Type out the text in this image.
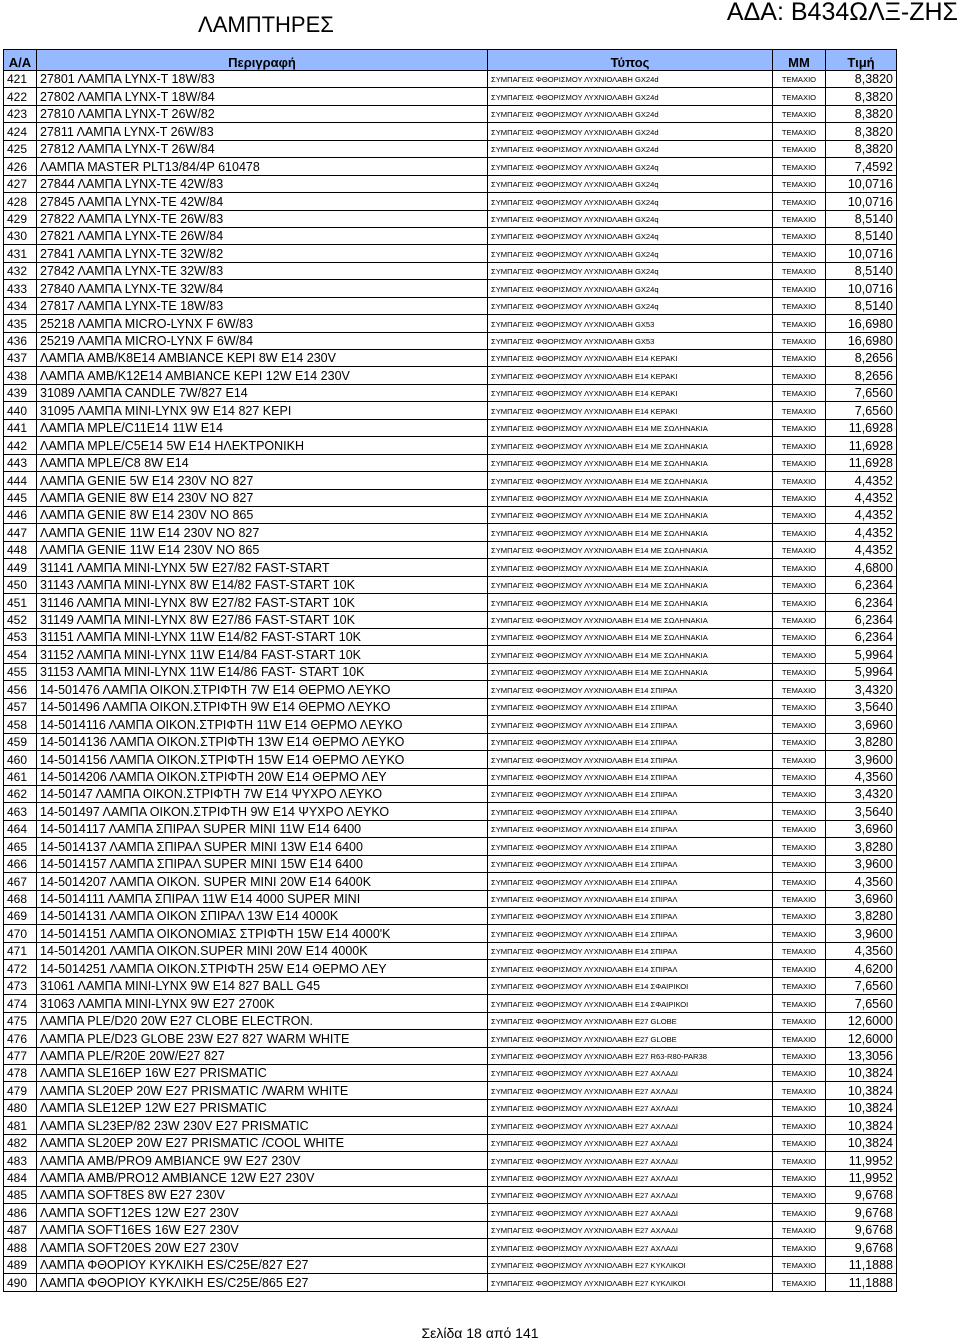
ΛΑΜΠΤΗΡΕΣ	ΑΔΑ: Β434ΩΛΞ-ΖΗΣ
Α/Α	Περιγραφή	Τύπος	ΜΜ	Τιμή
421	27801 ΛΑΜΠΑ LYNX-T 18W/83	ΣΥΜΠΑΓΕΙΣ ΦΘΟΡΙΣΜΟΥ ΛΥΧΝΙΟΛΑΒΗ GX24d	ΤΕΜΑΧΙΟ	8,3820
422	27802 ΛΑΜΠΑ LYNX-T 18W/84	ΣΥΜΠΑΓΕΙΣ ΦΘΟΡΙΣΜΟΥ ΛΥΧΝΙΟΛΑΒΗ GX24d	ΤΕΜΑΧΙΟ	8,3820
423	27810 ΛΑΜΠΑ LYNX-T 26W/82	ΣΥΜΠΑΓΕΙΣ ΦΘΟΡΙΣΜΟΥ ΛΥΧΝΙΟΛΑΒΗ GX24d	ΤΕΜΑΧΙΟ	8,3820
424	27811 ΛΑΜΠΑ LYNX-T 26W/83	ΣΥΜΠΑΓΕΙΣ ΦΘΟΡΙΣΜΟΥ ΛΥΧΝΙΟΛΑΒΗ GX24d	ΤΕΜΑΧΙΟ	8,3820
425	27812 ΛΑΜΠΑ LYNX-T 26W/84	ΣΥΜΠΑΓΕΙΣ ΦΘΟΡΙΣΜΟΥ ΛΥΧΝΙΟΛΑΒΗ GX24d	ΤΕΜΑΧΙΟ	8,3820
426	ΛΑΜΠΑ MASTER PLT13/84/4P 610478	ΣΥΜΠΑΓΕΙΣ ΦΘΟΡΙΣΜΟΥ ΛΥΧΝΙΟΛΑΒΗ GX24q	ΤΕΜΑΧΙΟ	7,4592
427	27844 ΛΑΜΠΑ LYNX-TE 42W/83	ΣΥΜΠΑΓΕΙΣ ΦΘΟΡΙΣΜΟΥ ΛΥΧΝΙΟΛΑΒΗ GX24q	ΤΕΜΑΧΙΟ	10,0716
428	27845 ΛΑΜΠΑ LYNX-TE 42W/84	ΣΥΜΠΑΓΕΙΣ ΦΘΟΡΙΣΜΟΥ ΛΥΧΝΙΟΛΑΒΗ GX24q	ΤΕΜΑΧΙΟ	10,0716
429	27822 ΛΑΜΠΑ LYNX-TE 26W/83	ΣΥΜΠΑΓΕΙΣ ΦΘΟΡΙΣΜΟΥ ΛΥΧΝΙΟΛΑΒΗ GX24q	ΤΕΜΑΧΙΟ	8,5140
430	27821 ΛΑΜΠΑ LYNX-TE 26W/84	ΣΥΜΠΑΓΕΙΣ ΦΘΟΡΙΣΜΟΥ ΛΥΧΝΙΟΛΑΒΗ GX24q	ΤΕΜΑΧΙΟ	8,5140
431	27841 ΛΑΜΠΑ LYNX-TE 32W/82	ΣΥΜΠΑΓΕΙΣ ΦΘΟΡΙΣΜΟΥ ΛΥΧΝΙΟΛΑΒΗ GX24q	ΤΕΜΑΧΙΟ	10,0716
432	27842 ΛΑΜΠΑ LYNX-TE 32W/83	ΣΥΜΠΑΓΕΙΣ ΦΘΟΡΙΣΜΟΥ ΛΥΧΝΙΟΛΑΒΗ GX24q	ΤΕΜΑΧΙΟ	8,5140
433	27840 ΛΑΜΠΑ LYNX-TE 32W/84	ΣΥΜΠΑΓΕΙΣ ΦΘΟΡΙΣΜΟΥ ΛΥΧΝΙΟΛΑΒΗ GX24q	ΤΕΜΑΧΙΟ	10,0716
434	27817 ΛΑΜΠΑ LYNX-TE 18W/83	ΣΥΜΠΑΓΕΙΣ ΦΘΟΡΙΣΜΟΥ ΛΥΧΝΙΟΛΑΒΗ GX24q	ΤΕΜΑΧΙΟ	8,5140
435	25218 ΛΑΜΠΑ MICRO-LYNX F 6W/83	ΣΥΜΠΑΓΕΙΣ ΦΘΟΡΙΣΜΟΥ ΛΥΧΝΙΟΛΑΒΗ GX53	ΤΕΜΑΧΙΟ	16,6980
436	25219 ΛΑΜΠΑ MICRO-LYNX F 6W/84	ΣΥΜΠΑΓΕΙΣ ΦΘΟΡΙΣΜΟΥ ΛΥΧΝΙΟΛΑΒΗ GX53	ΤΕΜΑΧΙΟ	16,6980
437	ΛΑΜΠΑ AMB/K8E14 AMBIANCE ΚΕΡΙ 8W E14 230V	ΣΥΜΠΑΓΕΙΣ ΦΘΟΡΙΣΜΟΥ ΛΥΧΝΙΟΛΑΒΗ E14 ΚΕΡΑΚΙ	ΤΕΜΑΧΙΟ	8,2656
438	ΛΑΜΠΑ AMB/K12E14 AMBIANCE ΚΕΡΙ 12W E14 230V	ΣΥΜΠΑΓΕΙΣ ΦΘΟΡΙΣΜΟΥ ΛΥΧΝΙΟΛΑΒΗ E14 ΚΕΡΑΚΙ	ΤΕΜΑΧΙΟ	8,2656
439	31089 ΛΑΜΠΑ CANDLE 7W/827 E14	ΣΥΜΠΑΓΕΙΣ ΦΘΟΡΙΣΜΟΥ ΛΥΧΝΙΟΛΑΒΗ E14 ΚΕΡΑΚΙ	ΤΕΜΑΧΙΟ	7,6560
440	31095 ΛΑΜΠΑ MINI-LYNX 9W E14 827 ΚΕΡΙ	ΣΥΜΠΑΓΕΙΣ ΦΘΟΡΙΣΜΟΥ ΛΥΧΝΙΟΛΑΒΗ E14 ΚΕΡΑΚΙ	ΤΕΜΑΧΙΟ	7,6560
441	ΛΑΜΠΑ MPLE/C11E14 11W E14	ΣΥΜΠΑΓΕΙΣ ΦΘΟΡΙΣΜΟΥ ΛΥΧΝΙΟΛΑΒΗ E14 ΜΕ ΣΩΛΗΝΑΚΙΑ	ΤΕΜΑΧΙΟ	11,6928
442	ΛΑΜΠΑ MPLE/C5E14 5W E14 ΗΛΕΚΤΡΟΝΙΚΗ	ΣΥΜΠΑΓΕΙΣ ΦΘΟΡΙΣΜΟΥ ΛΥΧΝΙΟΛΑΒΗ E14 ΜΕ ΣΩΛΗΝΑΚΙΑ	ΤΕΜΑΧΙΟ	11,6928
443	ΛΑΜΠΑ MPLE/C8 8W E14	ΣΥΜΠΑΓΕΙΣ ΦΘΟΡΙΣΜΟΥ ΛΥΧΝΙΟΛΑΒΗ E14 ΜΕ ΣΩΛΗΝΑΚΙΑ	ΤΕΜΑΧΙΟ	11,6928
444	ΛΑΜΠΑ GENIE 5W E14 230V NO 827	ΣΥΜΠΑΓΕΙΣ ΦΘΟΡΙΣΜΟΥ ΛΥΧΝΙΟΛΑΒΗ E14 ΜΕ ΣΩΛΗΝΑΚΙΑ	ΤΕΜΑΧΙΟ	4,4352
445	ΛΑΜΠΑ GENIE 8W E14 230V NO 827	ΣΥΜΠΑΓΕΙΣ ΦΘΟΡΙΣΜΟΥ ΛΥΧΝΙΟΛΑΒΗ E14 ΜΕ ΣΩΛΗΝΑΚΙΑ	ΤΕΜΑΧΙΟ	4,4352
446	ΛΑΜΠΑ GENIE 8W E14 230V NO 865	ΣΥΜΠΑΓΕΙΣ ΦΘΟΡΙΣΜΟΥ ΛΥΧΝΙΟΛΑΒΗ E14 ΜΕ ΣΩΛΗΝΑΚΙΑ	ΤΕΜΑΧΙΟ	4,4352
447	ΛΑΜΠΑ GENIE 11W E14 230V NO 827	ΣΥΜΠΑΓΕΙΣ ΦΘΟΡΙΣΜΟΥ ΛΥΧΝΙΟΛΑΒΗ E14 ΜΕ ΣΩΛΗΝΑΚΙΑ	ΤΕΜΑΧΙΟ	4,4352
448	ΛΑΜΠΑ GENIE 11W E14 230V NO 865	ΣΥΜΠΑΓΕΙΣ ΦΘΟΡΙΣΜΟΥ ΛΥΧΝΙΟΛΑΒΗ E14 ΜΕ ΣΩΛΗΝΑΚΙΑ	ΤΕΜΑΧΙΟ	4,4352
449	31141 ΛΑΜΠΑ MINI-LYNX 5W E27/82 FAST-START	ΣΥΜΠΑΓΕΙΣ ΦΘΟΡΙΣΜΟΥ ΛΥΧΝΙΟΛΑΒΗ E14 ΜΕ ΣΩΛΗΝΑΚΙΑ	ΤΕΜΑΧΙΟ	4,6800
450	31143 ΛΑΜΠΑ MINI-LYNX 8W E14/82 FAST-START 10K	ΣΥΜΠΑΓΕΙΣ ΦΘΟΡΙΣΜΟΥ ΛΥΧΝΙΟΛΑΒΗ E14 ΜΕ ΣΩΛΗΝΑΚΙΑ	ΤΕΜΑΧΙΟ	6,2364
451	31146 ΛΑΜΠΑ MINI-LYNX 8W E27/82 FAST-START 10K	ΣΥΜΠΑΓΕΙΣ ΦΘΟΡΙΣΜΟΥ ΛΥΧΝΙΟΛΑΒΗ E14 ΜΕ ΣΩΛΗΝΑΚΙΑ	ΤΕΜΑΧΙΟ	6,2364
452	31149 ΛΑΜΠΑ MINI-LYNX 8W E27/86 FAST-START 10K	ΣΥΜΠΑΓΕΙΣ ΦΘΟΡΙΣΜΟΥ ΛΥΧΝΙΟΛΑΒΗ E14 ΜΕ ΣΩΛΗΝΑΚΙΑ	ΤΕΜΑΧΙΟ	6,2364
453	31151 ΛΑΜΠΑ MINI-LYNX 11W E14/82 FAST-START 10K	ΣΥΜΠΑΓΕΙΣ ΦΘΟΡΙΣΜΟΥ ΛΥΧΝΙΟΛΑΒΗ E14 ΜΕ ΣΩΛΗΝΑΚΙΑ	ΤΕΜΑΧΙΟ	6,2364
454	31152 ΛΑΜΠΑ MINI-LYNX 11W E14/84 FAST-START 10K	ΣΥΜΠΑΓΕΙΣ ΦΘΟΡΙΣΜΟΥ ΛΥΧΝΙΟΛΑΒΗ E14 ΜΕ ΣΩΛΗΝΑΚΙΑ	ΤΕΜΑΧΙΟ	5,9964
455	31153 ΛΑΜΠΑ MINI-LYNX 11W E14/86 FAST- START 10K	ΣΥΜΠΑΓΕΙΣ ΦΘΟΡΙΣΜΟΥ ΛΥΧΝΙΟΛΑΒΗ E14 ΜΕ ΣΩΛΗΝΑΚΙΑ	ΤΕΜΑΧΙΟ	5,9964
456	14-501476 ΛΑΜΠΑ ΟΙΚΟΝ.ΣΤΡΙΦΤΗ 7W E14 ΘΕΡΜΟ ΛΕΥΚΟ	ΣΥΜΠΑΓΕΙΣ ΦΘΟΡΙΣΜΟΥ ΛΥΧΝΙΟΛΑΒΗ E14 ΣΠΙΡΑΛ	ΤΕΜΑΧΙΟ	3,4320
457	14-501496 ΛΑΜΠΑ ΟΙΚΟΝ.ΣΤΡΙΦΤΗ 9W E14 ΘΕΡΜΟ ΛΕΥΚΟ	ΣΥΜΠΑΓΕΙΣ ΦΘΟΡΙΣΜΟΥ ΛΥΧΝΙΟΛΑΒΗ E14 ΣΠΙΡΑΛ	ΤΕΜΑΧΙΟ	3,5640
458	14-5014116 ΛΑΜΠΑ ΟΙΚΟΝ.ΣΤΡΙΦΤΗ 11W E14 ΘΕΡΜΟ ΛΕΥΚΟ	ΣΥΜΠΑΓΕΙΣ ΦΘΟΡΙΣΜΟΥ ΛΥΧΝΙΟΛΑΒΗ E14 ΣΠΙΡΑΛ	ΤΕΜΑΧΙΟ	3,6960
459	14-5014136 ΛΑΜΠΑ ΟΙΚΟΝ.ΣΤΡΙΦΤΗ 13W E14 ΘΕΡΜΟ ΛΕΥΚΟ	ΣΥΜΠΑΓΕΙΣ ΦΘΟΡΙΣΜΟΥ ΛΥΧΝΙΟΛΑΒΗ E14 ΣΠΙΡΑΛ	ΤΕΜΑΧΙΟ	3,8280
460	14-5014156 ΛΑΜΠΑ ΟΙΚΟΝ.ΣΤΡΙΦΤΗ 15W E14 ΘΕΡΜΟ ΛΕΥΚΟ	ΣΥΜΠΑΓΕΙΣ ΦΘΟΡΙΣΜΟΥ ΛΥΧΝΙΟΛΑΒΗ E14 ΣΠΙΡΑΛ	ΤΕΜΑΧΙΟ	3,9600
461	14-5014206 ΛΑΜΠΑ ΟΙΚΟΝ.ΣΤΡΙΦΤΗ 20W E14 ΘΕΡΜΟ ΛΕΥ	ΣΥΜΠΑΓΕΙΣ ΦΘΟΡΙΣΜΟΥ ΛΥΧΝΙΟΛΑΒΗ E14 ΣΠΙΡΑΛ	ΤΕΜΑΧΙΟ	4,3560
462	14-50147 ΛΑΜΠΑ ΟΙΚΟΝ.ΣΤΡΙΦΤΗ 7W E14 ΨΥΧΡΟ ΛΕΥΚΟ	ΣΥΜΠΑΓΕΙΣ ΦΘΟΡΙΣΜΟΥ ΛΥΧΝΙΟΛΑΒΗ E14 ΣΠΙΡΑΛ	ΤΕΜΑΧΙΟ	3,4320
463	14-501497 ΛΑΜΠΑ ΟΙΚΟΝ.ΣΤΡΙΦΤΗ 9W E14 ΨΥΧΡΟ ΛΕΥΚΟ	ΣΥΜΠΑΓΕΙΣ ΦΘΟΡΙΣΜΟΥ ΛΥΧΝΙΟΛΑΒΗ E14 ΣΠΙΡΑΛ	ΤΕΜΑΧΙΟ	3,5640
464	14-5014117 ΛΑΜΠΑ ΣΠΙΡΑΛ SUPER MINI 11W E14 6400	ΣΥΜΠΑΓΕΙΣ ΦΘΟΡΙΣΜΟΥ ΛΥΧΝΙΟΛΑΒΗ E14 ΣΠΙΡΑΛ	ΤΕΜΑΧΙΟ	3,6960
465	14-5014137 ΛΑΜΠΑ ΣΠΙΡΑΛ SUPER MINI 13W E14 6400	ΣΥΜΠΑΓΕΙΣ ΦΘΟΡΙΣΜΟΥ ΛΥΧΝΙΟΛΑΒΗ E14 ΣΠΙΡΑΛ	ΤΕΜΑΧΙΟ	3,8280
466	14-5014157 ΛΑΜΠΑ ΣΠΙΡΑΛ SUPER MINI 15W E14 6400	ΣΥΜΠΑΓΕΙΣ ΦΘΟΡΙΣΜΟΥ ΛΥΧΝΙΟΛΑΒΗ E14 ΣΠΙΡΑΛ	ΤΕΜΑΧΙΟ	3,9600
467	14-5014207 ΛΑΜΠΑ ΟΙΚΟΝ. SUPER MINI 20W E14 6400K	ΣΥΜΠΑΓΕΙΣ ΦΘΟΡΙΣΜΟΥ ΛΥΧΝΙΟΛΑΒΗ E14 ΣΠΙΡΑΛ	ΤΕΜΑΧΙΟ	4,3560
468	14-5014111 ΛΑΜΠΑ ΣΠΙΡΑΛ 11W E14 4000 SUPER MINI	ΣΥΜΠΑΓΕΙΣ ΦΘΟΡΙΣΜΟΥ ΛΥΧΝΙΟΛΑΒΗ E14 ΣΠΙΡΑΛ	ΤΕΜΑΧΙΟ	3,6960
469	14-5014131 ΛΑΜΠΑ ΟΙΚΟΝ ΣΠΙΡΑΛ 13W E14 4000K	ΣΥΜΠΑΓΕΙΣ ΦΘΟΡΙΣΜΟΥ ΛΥΧΝΙΟΛΑΒΗ E14 ΣΠΙΡΑΛ	ΤΕΜΑΧΙΟ	3,8280
470	14-5014151 ΛΑΜΠΑ ΟΙΚΟΝΟΜΙΑΣ ΣΤΡΙΦΤΗ 15W E14 4000'K	ΣΥΜΠΑΓΕΙΣ ΦΘΟΡΙΣΜΟΥ ΛΥΧΝΙΟΛΑΒΗ E14 ΣΠΙΡΑΛ	ΤΕΜΑΧΙΟ	3,9600
471	14-5014201 ΛΑΜΠΑ ΟΙΚΟΝ.SUPER MINI 20W E14 4000K	ΣΥΜΠΑΓΕΙΣ ΦΘΟΡΙΣΜΟΥ ΛΥΧΝΙΟΛΑΒΗ E14 ΣΠΙΡΑΛ	ΤΕΜΑΧΙΟ	4,3560
472	14-5014251 ΛΑΜΠΑ ΟΙΚΟΝ.ΣΤΡΙΦΤΗ 25W E14 ΘΕΡΜΟ ΛΕΥ	ΣΥΜΠΑΓΕΙΣ ΦΘΟΡΙΣΜΟΥ ΛΥΧΝΙΟΛΑΒΗ E14 ΣΠΙΡΑΛ	ΤΕΜΑΧΙΟ	4,6200
473	31061 ΛΑΜΠΑ MINI-LYNX 9W E14 827 BALL G45	ΣΥΜΠΑΓΕΙΣ ΦΘΟΡΙΣΜΟΥ ΛΥΧΝΙΟΛΑΒΗ E14 ΣΦΑΙΡΙΚΟΙ	ΤΕΜΑΧΙΟ	7,6560
474	31063 ΛΑΜΠΑ MINI-LYNX 9W E27 2700K	ΣΥΜΠΑΓΕΙΣ ΦΘΟΡΙΣΜΟΥ ΛΥΧΝΙΟΛΑΒΗ E14 ΣΦΑΙΡΙΚΟΙ	ΤΕΜΑΧΙΟ	7,6560
475	ΛΑΜΠΑ PLE/D20 20W E27 CLOBE ELECTRON.	ΣΥΜΠΑΓΕΙΣ ΦΘΟΡΙΣΜΟΥ ΛΥΧΝΙΟΛΑΒΗ E27 GLOBE	ΤΕΜΑΧΙΟ	12,6000
476	ΛΑΜΠΑ PLE/D23 GLOBE 23W E27 827 WARM WHITE	ΣΥΜΠΑΓΕΙΣ ΦΘΟΡΙΣΜΟΥ ΛΥΧΝΙΟΛΑΒΗ E27 GLOBE	ΤΕΜΑΧΙΟ	12,6000
477	ΛΑΜΠΑ PLE/R20E 20W/E27 827	ΣΥΜΠΑΓΕΙΣ ΦΘΟΡΙΣΜΟΥ ΛΥΧΝΙΟΛΑΒΗ E27 R63-R80-PAR38	ΤΕΜΑΧΙΟ	13,3056
478	ΛΑΜΠΑ SLE16EP 16W E27 PRISMATIC	ΣΥΜΠΑΓΕΙΣ ΦΘΟΡΙΣΜΟΥ ΛΥΧΝΙΟΛΑΒΗ E27 ΑΧΛΑΔΙ	ΤΕΜΑΧΙΟ	10,3824
479	ΛΑΜΠΑ SL20EP 20W E27 PRISMATIC /WARM WHITE	ΣΥΜΠΑΓΕΙΣ ΦΘΟΡΙΣΜΟΥ ΛΥΧΝΙΟΛΑΒΗ E27 ΑΧΛΑΔΙ	ΤΕΜΑΧΙΟ	10,3824
480	ΛΑΜΠΑ SLE12EP 12W E27 PRISMATIC	ΣΥΜΠΑΓΕΙΣ ΦΘΟΡΙΣΜΟΥ ΛΥΧΝΙΟΛΑΒΗ E27 ΑΧΛΑΔΙ	ΤΕΜΑΧΙΟ	10,3824
481	ΛΑΜΠΑ SL23EP/82 23W 230V E27 PRISMATIC	ΣΥΜΠΑΓΕΙΣ ΦΘΟΡΙΣΜΟΥ ΛΥΧΝΙΟΛΑΒΗ E27 ΑΧΛΑΔΙ	ΤΕΜΑΧΙΟ	10,3824
482	ΛΑΜΠΑ SL20EP 20W E27 PRISMATIC /COOL WHITE	ΣΥΜΠΑΓΕΙΣ ΦΘΟΡΙΣΜΟΥ ΛΥΧΝΙΟΛΑΒΗ E27 ΑΧΛΑΔΙ	ΤΕΜΑΧΙΟ	10,3824
483	ΛΑΜΠΑ AMB/PRO9 AMBIANCE 9W E27 230V	ΣΥΜΠΑΓΕΙΣ ΦΘΟΡΙΣΜΟΥ ΛΥΧΝΙΟΛΑΒΗ E27 ΑΧΛΑΔΙ	ΤΕΜΑΧΙΟ	11,9952
484	ΛΑΜΠΑ AMB/PRO12 AMBIANCE 12W E27 230V	ΣΥΜΠΑΓΕΙΣ ΦΘΟΡΙΣΜΟΥ ΛΥΧΝΙΟΛΑΒΗ E27 ΑΧΛΑΔΙ	ΤΕΜΑΧΙΟ	11,9952
485	ΛΑΜΠΑ SOFT8ES 8W E27 230V	ΣΥΜΠΑΓΕΙΣ ΦΘΟΡΙΣΜΟΥ ΛΥΧΝΙΟΛΑΒΗ E27 ΑΧΛΑΔΙ	ΤΕΜΑΧΙΟ	9,6768
486	ΛΑΜΠΑ SOFT12ES 12W E27 230V	ΣΥΜΠΑΓΕΙΣ ΦΘΟΡΙΣΜΟΥ ΛΥΧΝΙΟΛΑΒΗ E27 ΑΧΛΑΔΙ	ΤΕΜΑΧΙΟ	9,6768
487	ΛΑΜΠΑ SOFT16ES 16W E27 230V	ΣΥΜΠΑΓΕΙΣ ΦΘΟΡΙΣΜΟΥ ΛΥΧΝΙΟΛΑΒΗ E27 ΑΧΛΑΔΙ	ΤΕΜΑΧΙΟ	9,6768
488	ΛΑΜΠΑ SOFT20ES 20W E27 230V	ΣΥΜΠΑΓΕΙΣ ΦΘΟΡΙΣΜΟΥ ΛΥΧΝΙΟΛΑΒΗ E27 ΑΧΛΑΔΙ	ΤΕΜΑΧΙΟ	9,6768
489	ΛΑΜΠΑ ΦΘΟΡΙΟΥ ΚΥΚΛΙΚΗ ES/C25E/827 E27	ΣΥΜΠΑΓΕΙΣ ΦΘΟΡΙΣΜΟΥ ΛΥΧΝΙΟΛΑΒΗ E27 ΚΥΚΛΙΚΟΙ	ΤΕΜΑΧΙΟ	11,1888
490	ΛΑΜΠΑ ΦΘΟΡΙΟΥ ΚΥΚΛΙΚΗ ES/C25E/865 E27	ΣΥΜΠΑΓΕΙΣ ΦΘΟΡΙΣΜΟΥ ΛΥΧΝΙΟΛΑΒΗ E27 ΚΥΚΛΙΚΟΙ	ΤΕΜΑΧΙΟ	11,1888
Σελίδα 18 από 141
